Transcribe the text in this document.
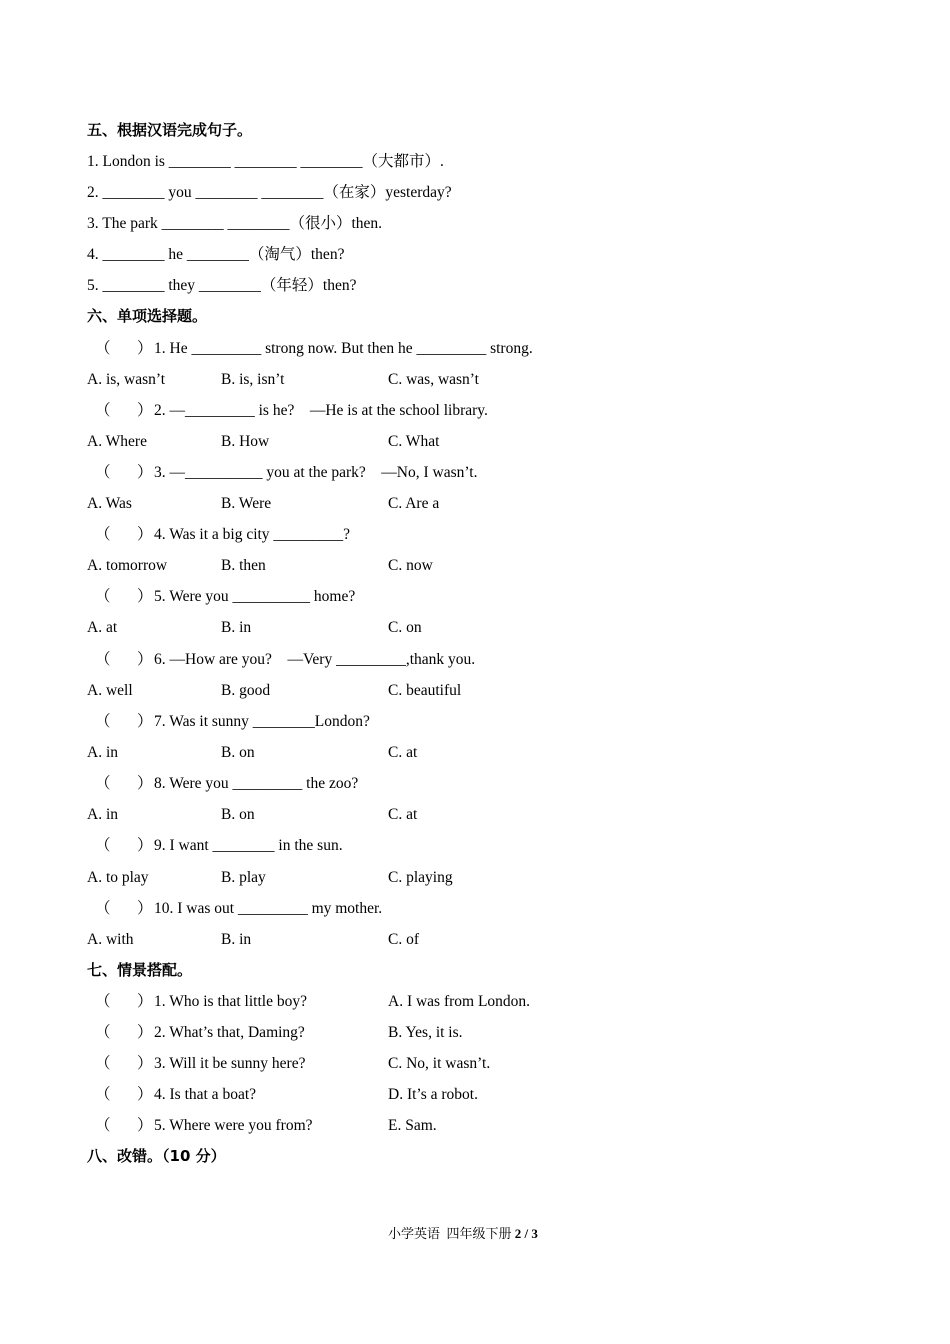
五、根据汉语完成句子。
1. London is ________ ________ ________（大都市）.
2. ________ you ________ ________（在家）yesterday?
3. The park ________ ________（很小）then.
4. ________ he ________（淘气）then?
5. ________ they ________（年轻）then?
六、单项选择题。
（ ） 1. He _________ strong now. But then he _________ strong.
A. is, wasn’t	B. is, isn’t	C. was, wasn’t
（ ） 2. —_________ is he?　—He is at the school library.
A. Where	B. How	C. What
（ ） 3. —__________ you at the park?　—No, I wasn’t.
A. Was	B. Were	C. Are a
（ ） 4. Was it a big city _________?
A. tomorrow	B. then	C. now
（ ） 5. Were you __________ home?
A. at	B. in	C. on
（ ） 6. —How are you?　—Very _________,thank you.
A. well	B. good	C. beautiful
（ ） 7. Was it sunny ________London?
A. in	B. on	C. at
（ ） 8. Were you _________ the zoo?
A. in	B. on	C. at
（ ） 9. I want ________ in the sun.
A. to play	B. play	C. playing
（ ） 10. I was out _________ my mother.
A. with	B. in	C. of
七、情景搭配。
（ ） 1. Who is that little boy?	A. I was from London.
（ ） 2. What’s that, Daming?	B. Yes, it is.
（ ） 3. Will it be sunny here?	C. No, it wasn’t.
（ ） 4. Is that a boat?	D. It’s a robot.
（ ） 5. Where were you from?	E. Sam.
八、改错。（10 分）
小学英语  四年级下册 2 / 3
